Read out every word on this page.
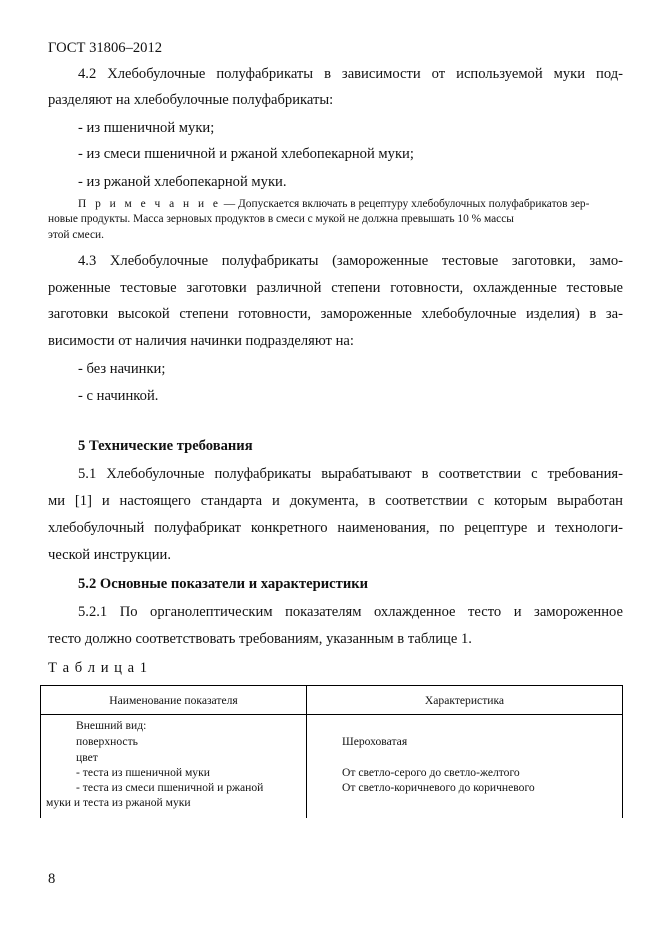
ГОСТ 31806–2012
4.2 Хлебобулочные полуфабрикаты в зависимости от используемой муки под-
разделяют на хлебобулочные полуфабрикаты:
- из пшеничной муки;
- из смеси пшеничной и ржаной хлебопекарной муки;
- из ржаной хлебопекарной муки.
П р и м е ч а н и е — Допускается включать в рецептуру хлебобулочных полуфабрикатов зер-
новые продукты. Масса зерновых продуктов в смеси с мукой не должна превышать 10 % массы
этой смеси.
4.3 Хлебобулочные полуфабрикаты (замороженные тестовые заготовки, замо-
роженные тестовые заготовки различной степени готовности, охлажденные тестовые
заготовки высокой степени готовности, замороженные хлебобулочные изделия) в за-
висимости от наличия начинки подразделяют на:
- без начинки;
- с начинкой.
5 Технические требования
5.1 Хлебобулочные полуфабрикаты вырабатывают в соответствии с требования-
ми [1] и настоящего стандарта и документа, в соответствии с которым выработан
хлебобулочный полуфабрикат конкретного наименования, по рецептуре и технологи-
ческой инструкции.
5.2 Основные показатели и характеристики
5.2.1 По органолептическим показателям охлажденное тесто и замороженное
тесто должно соответствовать требованиям, указанным в таблице 1.
Т а б л и ц а 1
Наименование показателя	Характеристика
Внешний вид:
поверхность
цвет
- теста из пшеничной муки
- теста из смеси пшеничной и ржаной
муки и теста из ржаной муки
Шероховатая
От светло-серого до светло-желтого
От светло-коричневого до коричневого
8
